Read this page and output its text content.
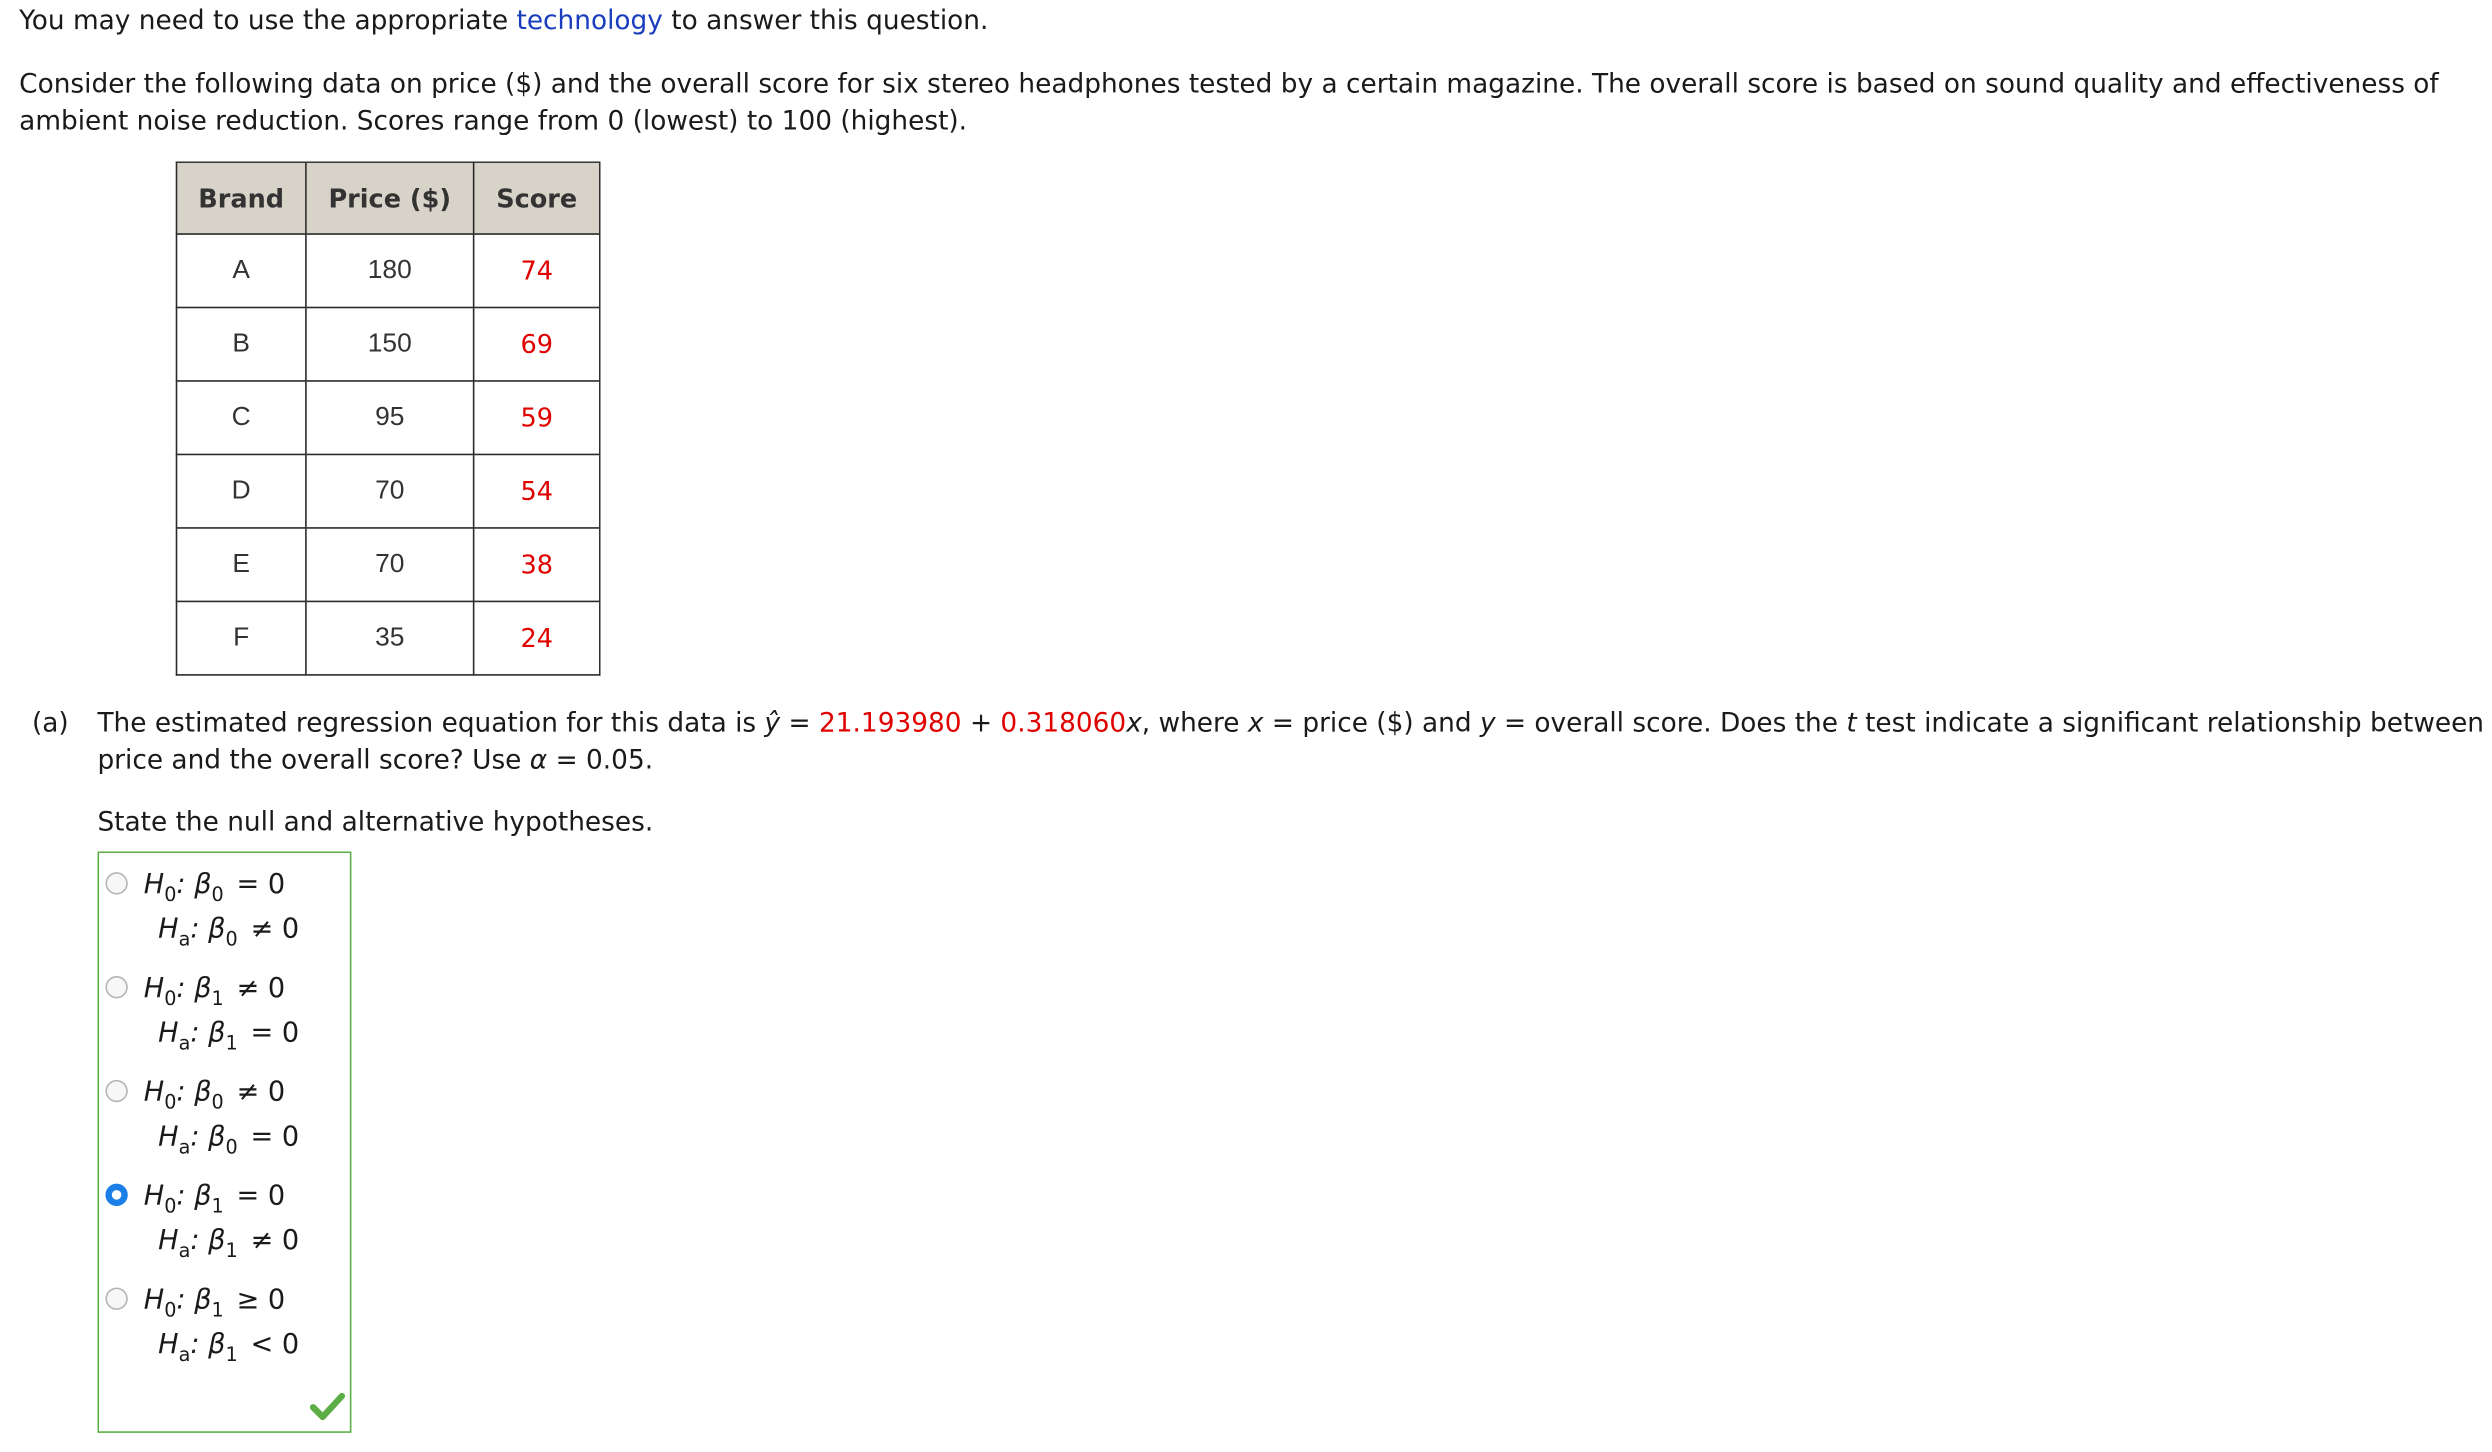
You may need to use the appropriate technology to answer this question.
Consider the following data on price ($) and the overall score for six stereo headphones tested by a certain magazine. The overall score is based on sound quality and effectiveness of ambient noise reduction. Scores range from 0 (lowest) to 100 (highest).
Brand	Price ($)	Score
A	180	74
B	150	69
C	95	59
D	70	54
E	70	38
F	35	24
(a) The estimated regression equation for this data is ŷ = 21.193980 + 0.318060x, where x = price ($) and y = overall score. Does the t test indicate a significant relationship between price and the overall score? Use α = 0.05.
State the null and alternative hypotheses.
$H_0$: $\beta_0 = 0$
$H_a$: $\beta_0 \ne 0$
$H_0$: $\beta_1 \ne 0$
$H_a$: $\beta_1 = 0$
$H_0$: $\beta_0 \ne 0$
$H_a$: $\beta_0 = 0$
$H_0$: $\beta_1 = 0$
$H_a$: $\beta_1 \ne 0$
$H_0$: $\beta_1 \ge 0$
$H_a$: $\beta_1 < 0$
